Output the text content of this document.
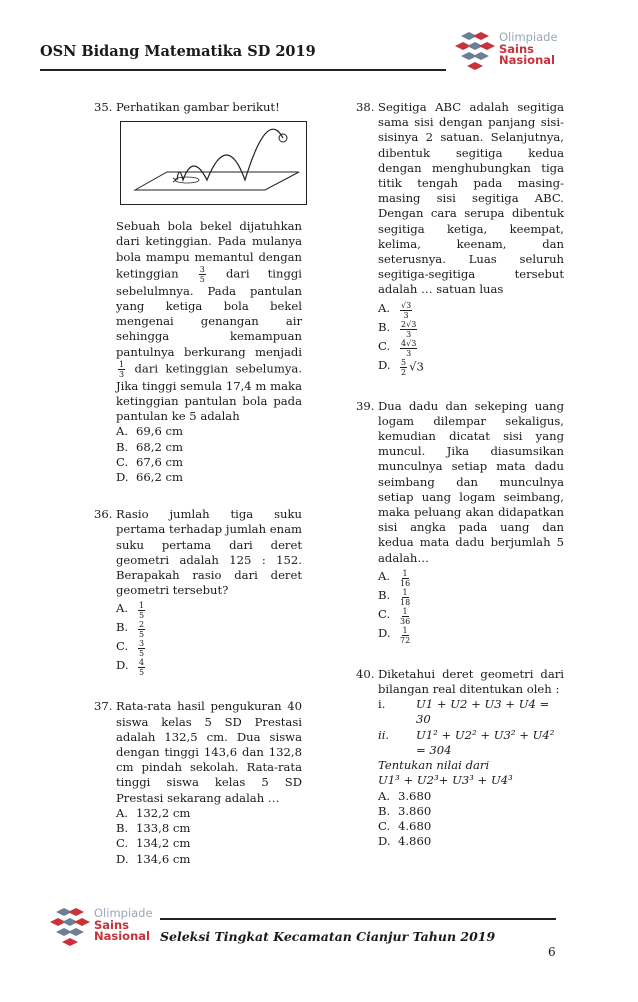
OSN Bidang Matematika SD 2019
Olimpiade
Sains
Nasional
35. Perhatikan gambar berikut!
Sebuah bola bekel dijatuhkan dari ketinggian. Pada mulanya bola mampu memantul dengan ketinggian	$\frac{3}{5}$ dari tinggi sebelulmnya. Pada pantulan yang ketiga bola bekel mengenai genangan air sehingga kemampuan pantulnya berkurang menjadi
$\frac{1}{3}$ dari ketinggian sebelumya. Jika tinggi semula 17,4 m maka ketinggian pantulan bola pada pantulan ke 5 adalah
A. 69,6 cm
B. 68,2 cm
C. 67,6 cm
D. 66,2 cm
36. Rasio jumlah tiga suku pertama terhadap jumlah enam suku pertama dari deret geometri adalah 125 : 152. Berapakah rasio dari deret geometri tersebut?
A. $\frac{1}{5}$
B. $\frac{2}{5}$
C. $\frac{3}{5}$
D. $\frac{4}{5}$
37. Rata-rata hasil pengukuran 40 siswa kelas 5 SD Prestasi adalah 132,5 cm. Dua siswa dengan tinggi 143,6 dan 132,8 cm pindah sekolah. Rata-rata tinggi siswa kelas 5 SD Prestasi sekarang adalah …
A. 132,2 cm
B. 133,8 cm
C. 134,2 cm
D. 134,6 cm
38. Segitiga ABC adalah segitiga sama sisi dengan panjang sisi-sisinya 2 satuan. Selanjutnya, dibentuk segitiga kedua dengan menghubungkan tiga titik tengah pada masing-masing sisi segitiga ABC. Dengan cara serupa dibentuk segitiga ketiga, keempat, kelima, keenam, dan seterusnya. Luas seluruh segitiga-segitiga tersebut adalah … satuan luas
A. $\frac{√3}{3}$
B. $\frac{2√3}{3}$
C. $\frac{4√3}{3}$
D. $\frac{5}{2} √3$
39. Dua dadu dan sekeping uang logam dilempar sekaligus, kemudian dicatat sisi yang muncul. Jika diasumsikan munculnya setiap mata dadu seimbang dan munculnya setiap uang logam seimbang, maka peluang akan didapatkan sisi angka pada uang dan kedua mata dadu berjumlah 5 adalah…
A. $\frac{1}{16}$
B. $\frac{1}{18}$
C. $\frac{1}{36}$
D. $\frac{1}{72}$
40. Diketahui deret geometri dari bilangan real ditentukan oleh :
i.	U1 + U2 + U3 + U4 = 30
ii. U1² + U2² + U3² + U4² = 304
Tentukan nilai dari
U1³ + U2³+ U3³ + U4³
A. 3.680
B. 3.860
C. 4.680
D. 4.860
Olimpiade
Sains
Nasional Seleksi Tingkat Kecamatan Cianjur Tahun 2019
6
